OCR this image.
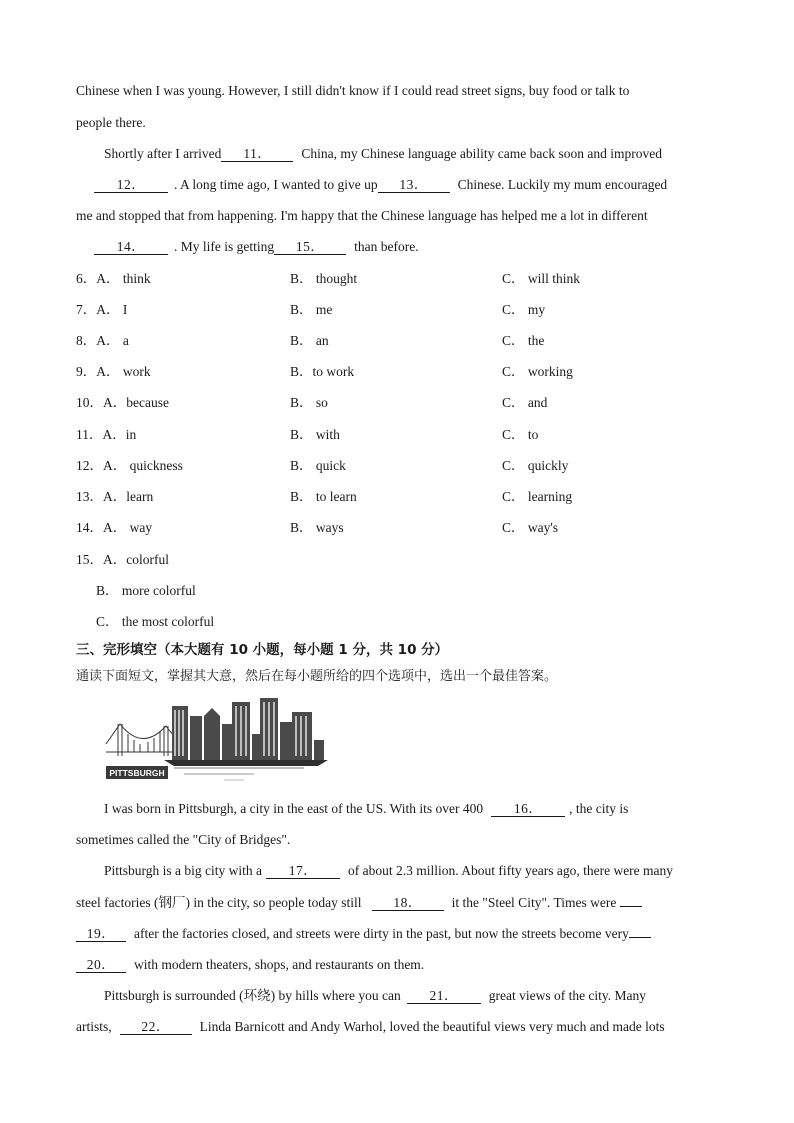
Chinese when I was young. However, I still didn't know if I could read street signs, buy food or talk to
people there.
Shortly after I arrived 11． China, my Chinese language ability came back soon and improved
12． . A long time ago, I wanted to give up 13． Chinese. Luckily my mum encouraged
me and stopped that from happening. I'm happy that the Chinese language has helped me a lot in different
14． . My life is getting 15． than before.
6．A． think	B． thought	C． will think
7．A． I	B． me	C． my
8．A． a	B． an	C． the
9．A． work	B．to work	C． working
10．A．because	B． so	C． and
11．A．in	B． with	C． to
12．A． quickness	B． quick	C． quickly
13．A．learn	B． to learn	C． learning
14．A． way	B． ways	C． way's
15．A．colorful
B． more colorful
C． the most colorful
三、完形填空（本大题有 10 小题，每小题 1 分，共 10 分）
通读下面短文，掌握其大意，然后在每小题所给的四个选项中，选出一个最佳答案。
PITTSBURGH
I was born in Pittsburgh, a city in the east of the US. With its over 400 16． , the city is
sometimes called the "City of Bridges".
Pittsburgh is a big city with a 17． of about 2.3 million. About fifty years ago, there were many
steel factories (钢厂) in the city, so people today still 18． it the "Steel City". Times were
19． after the factories closed, and streets were dirty in the past, but now the streets become very
20． with modern theaters, shops, and restaurants on them.
Pittsburgh is surrounded (环绕) by hills where you can 21． great views of the city. Many
artists, 22． Linda Barnicott and Andy Warhol, loved the beautiful views very much and made lots
